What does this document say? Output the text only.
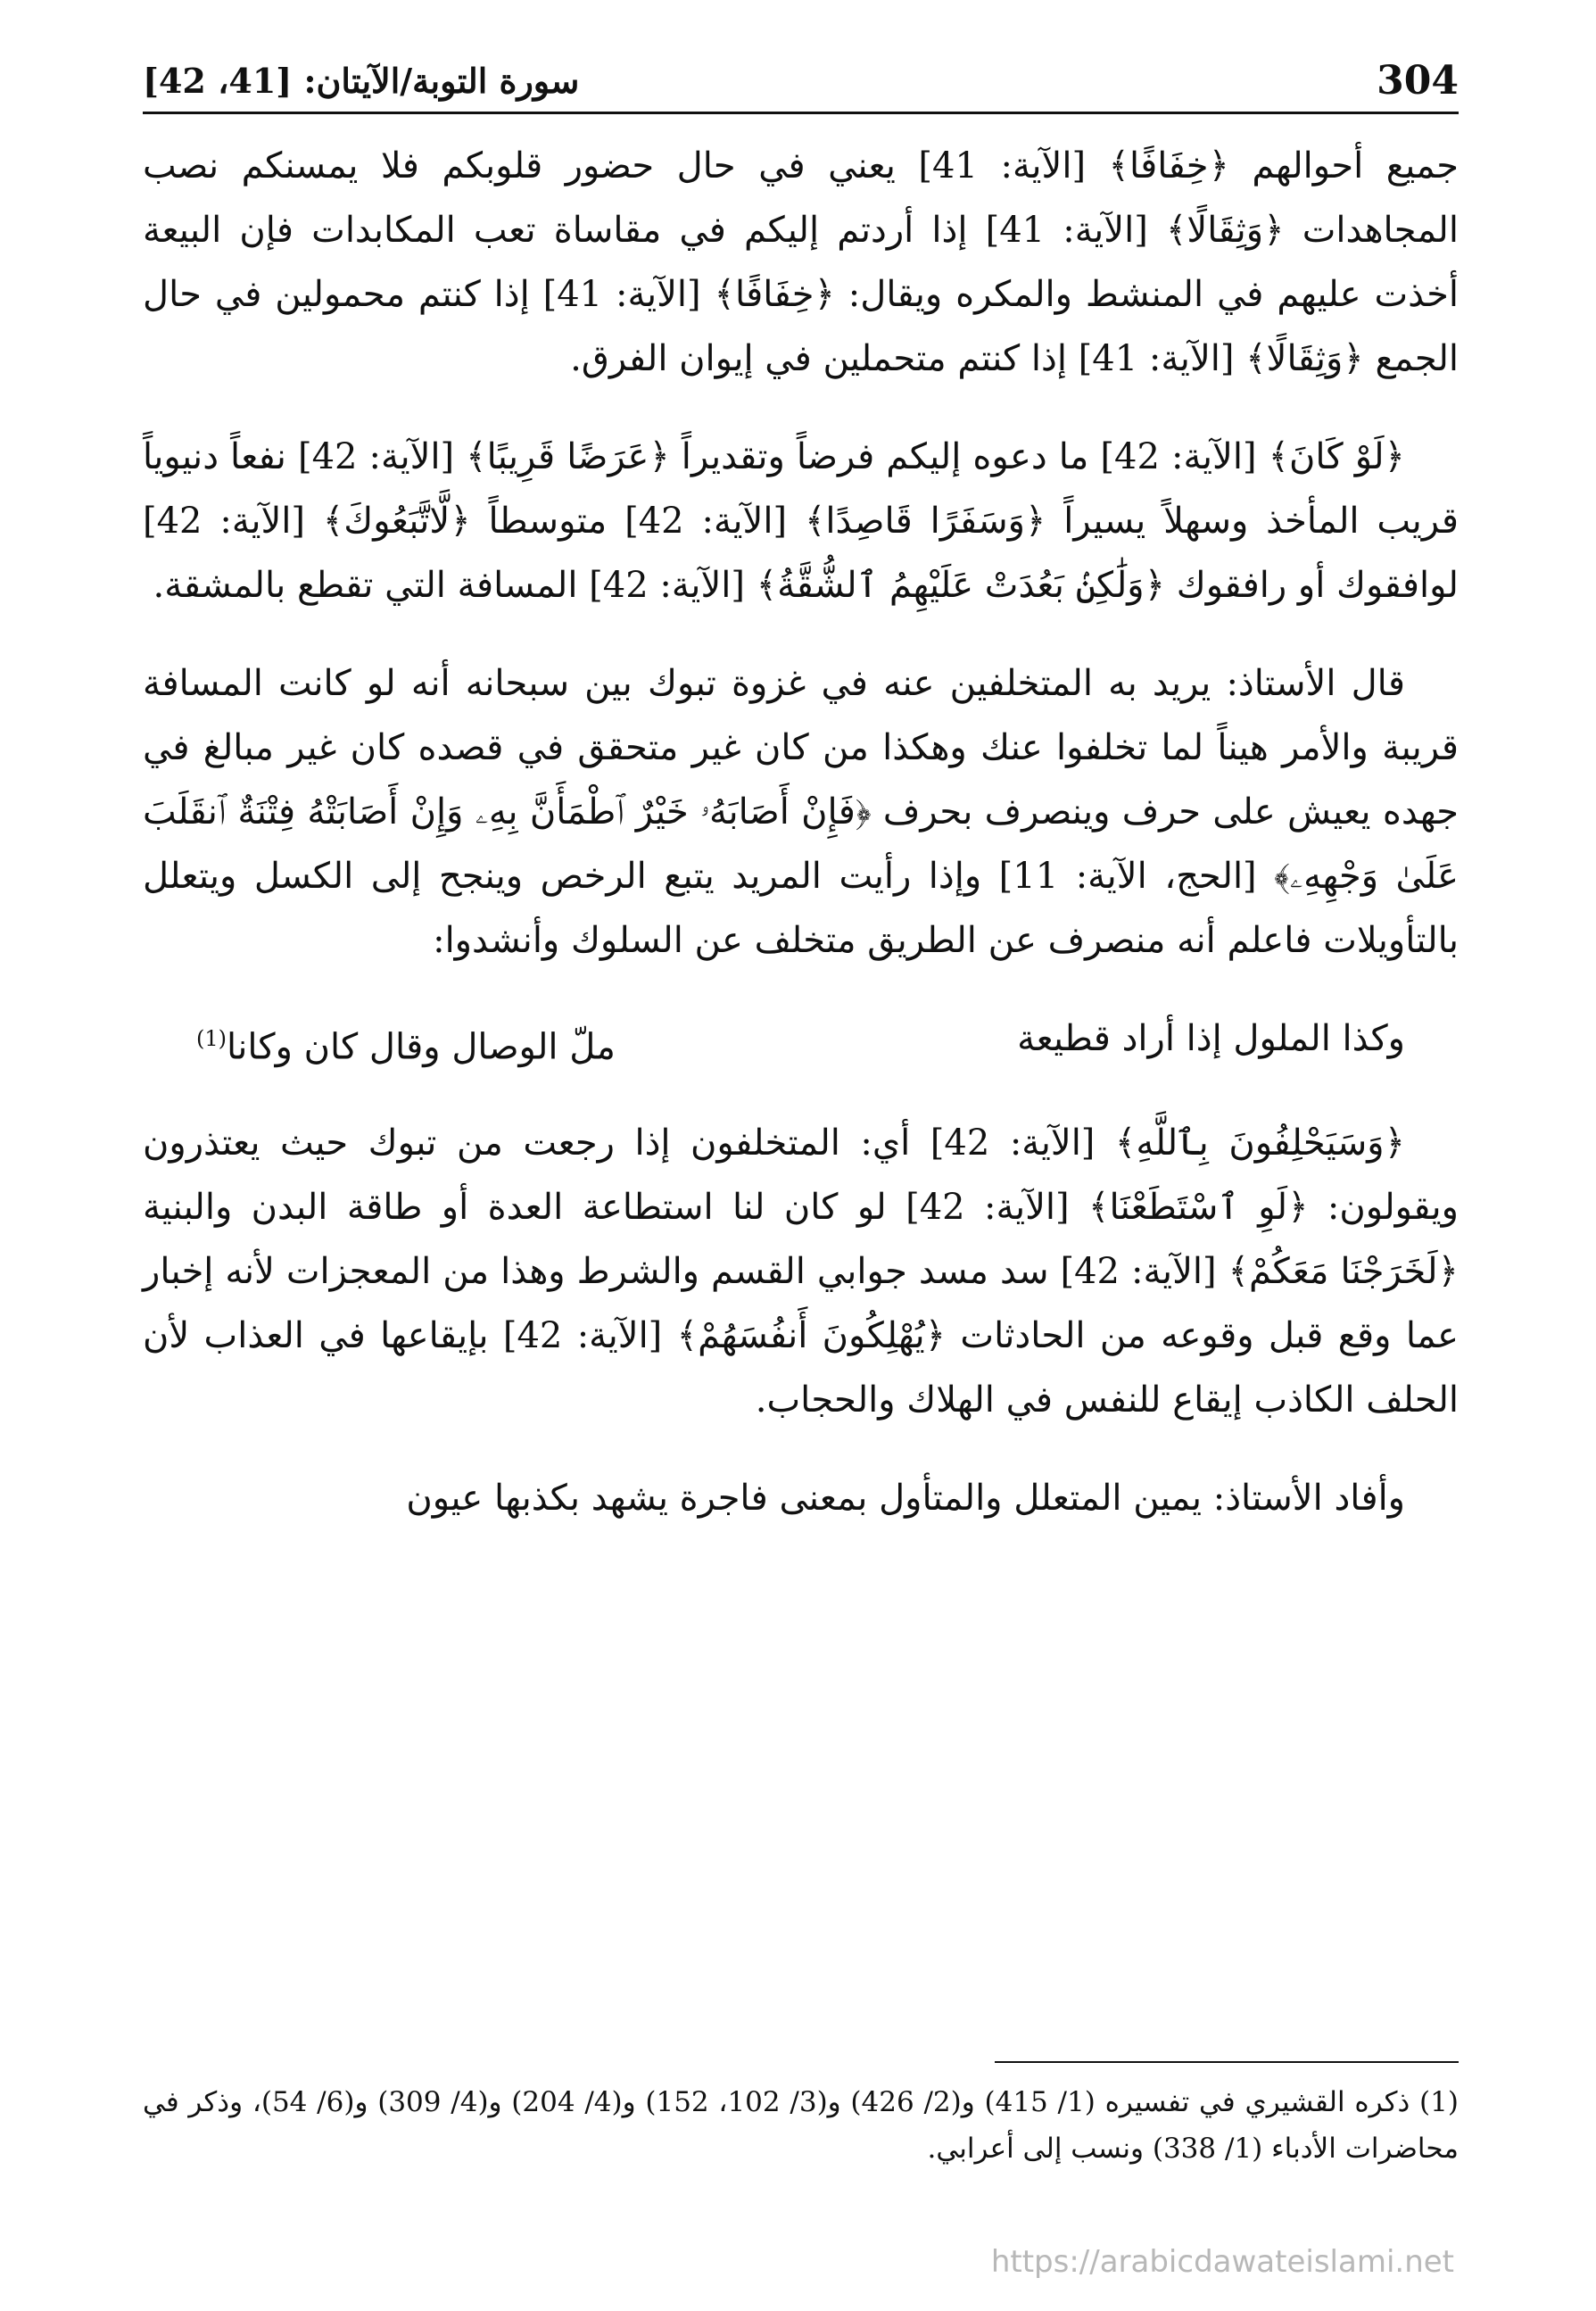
304
سورة التوبة/الآيتان: [41، 42]

جميع أحوالهم ﴿خِفَافًا﴾ [الآية: 41] يعني في حال حضور قلوبكم فلا يمسنكم نصب المجاهدات ﴿وَثِقَالًا﴾ [الآية: 41] إذا أردتم إليكم في مقاساة تعب المكابدات فإن البيعة أخذت عليهم في المنشط والمكره ويقال: ﴿خِفَافًا﴾ [الآية: 41] إذا كنتم محمولين في حال الجمع ﴿وَثِقَالًا﴾ [الآية: 41] إذا كنتم متحملين في إيوان الفرق.

﴿لَوْ كَانَ﴾ [الآية: 42] ما دعوه إليكم فرضاً وتقديراً ﴿عَرَضًا قَرِيبًا﴾ [الآية: 42] نفعاً دنيوياً قريب المأخذ وسهلاً يسيراً ﴿وَسَفَرًا قَاصِدًا﴾ [الآية: 42] متوسطاً ﴿لَّاتَّبَعُوكَ﴾ [الآية: 42] لوافقوك أو رافقوك ﴿وَلَٰكِنۢ بَعُدَتْ عَلَيْهِمُ ٱلشُّقَّةُ﴾ [الآية: 42] المسافة التي تقطع بالمشقة.

قال الأستاذ: يريد به المتخلفين عنه في غزوة تبوك بين سبحانه أنه لو كانت المسافة قريبة والأمر هيناً لما تخلفوا عنك وهكذا من كان غير متحقق في قصده كان غير مبالغ في جهده يعيش على حرف وينصرف بحرف ﴿فَإِنْ أَصَابَهُۥ خَيْرٌ ٱطْمَأَنَّ بِهِۦ وَإِنْ أَصَابَتْهُ فِتْنَةٌ ٱنقَلَبَ عَلَىٰ وَجْهِهِۦ﴾ [الحج، الآية: 11] وإذا رأيت المريد يتبع الرخص وينجح إلى الكسل ويتعلل بالتأويلات فاعلم أنه منصرف عن الطريق متخلف عن السلوك وأنشدوا:

وكذا الملول إذا أراد قطيعة
ملّ الوصال وقال كان وكانا$^{(1)}$

﴿وَسَيَحْلِفُونَ بِٱللَّهِ﴾ [الآية: 42] أي: المتخلفون إذا رجعت من تبوك حيث يعتذرون ويقولون: ﴿لَوِ ٱسْتَطَعْنَا﴾ [الآية: 42] لو كان لنا استطاعة العدة أو طاقة البدن والبنية ﴿لَخَرَجْنَا مَعَكُمْ﴾ [الآية: 42] سد مسد جوابي القسم والشرط وهذا من المعجزات لأنه إخبار عما وقع قبل وقوعه من الحادثات ﴿يُهْلِكُونَ أَنفُسَهُمْ﴾ [الآية: 42] بإيقاعها في العذاب لأن الحلف الكاذب إيقاع للنفس في الهلاك والحجاب.

وأفاد الأستاذ: يمين المتعلل والمتأول بمعنى فاجرة يشهد بكذبها عيون

(1) ذكره القشيري في تفسيره (1/ 415) و(2/ 426) و(3/ 102، 152) و(4/ 204) و(4/ 309) و(6/ 54)، وذكر في محاضرات الأدباء (1/ 338) ونسب إلى أعرابي.

https://arabicdawateislami.net
